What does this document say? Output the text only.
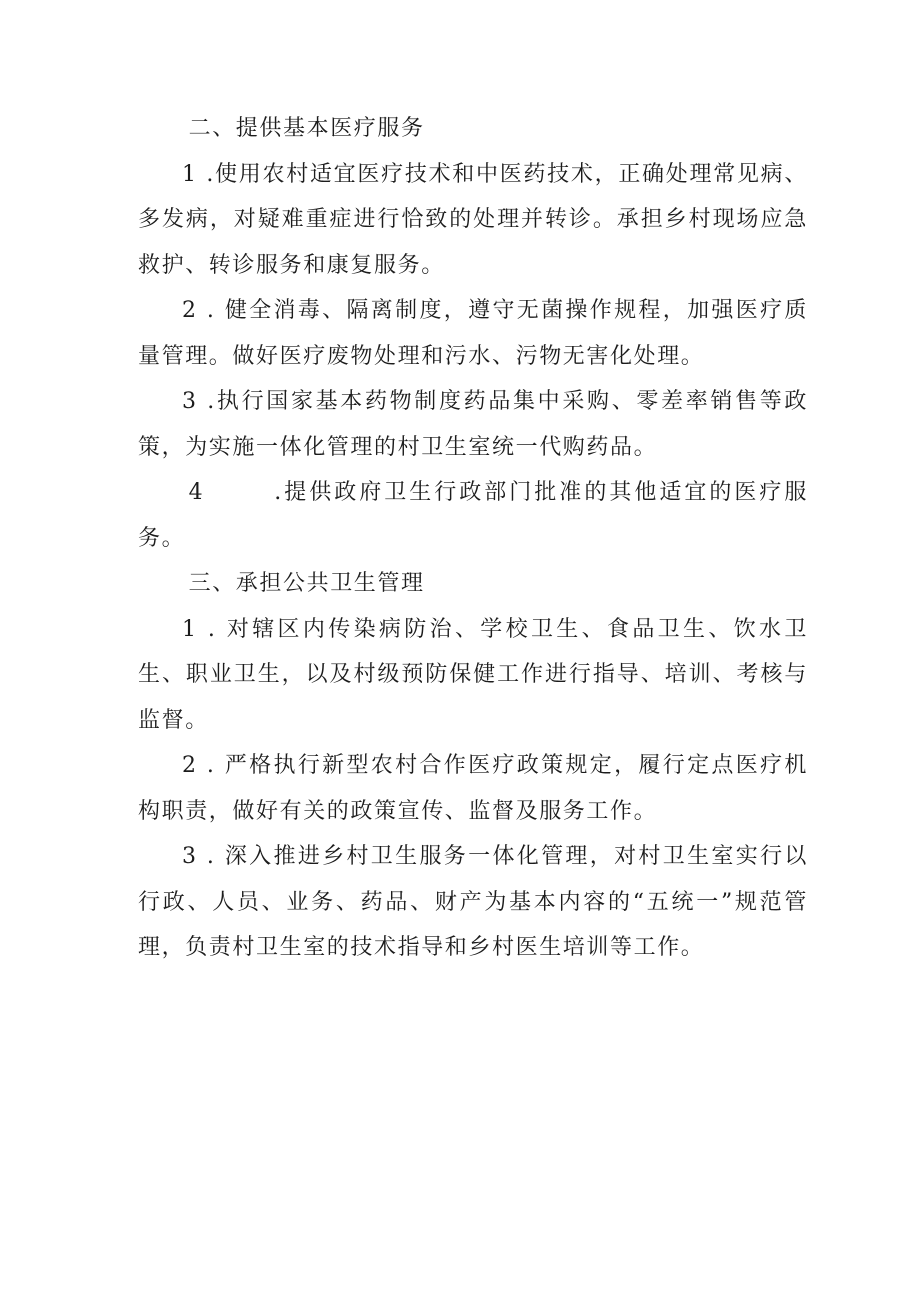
二、提供基本医疗服务

1 .使用农村适宜医疗技术和中医药技术，正确处理常见病、多发病，对疑难重症进行恰致的处理并转诊。承担乡村现场应急救护、转诊服务和康复服务。

2 . 健全消毒、隔离制度，遵守无菌操作规程，加强医疗质量管理。做好医疗废物处理和污水、污物无害化处理。

3 .执行国家基本药物制度药品集中采购、零差率销售等政策，为实施一体化管理的村卫生室统一代购药品。

4       .提供政府卫生行政部门批准的其他适宜的医疗服务。

三、承担公共卫生管理

1 . 对辖区内传染病防治、学校卫生、食品卫生、饮水卫生、职业卫生，以及村级预防保健工作进行指导、培训、考核与监督。

2 . 严格执行新型农村合作医疗政策规定，履行定点医疗机构职责，做好有关的政策宣传、监督及服务工作。

3 . 深入推进乡村卫生服务一体化管理，对村卫生室实行以行政、人员、业务、药品、财产为基本内容的“五统一”规范管理，负责村卫生室的技术指导和乡村医生培训等工作。
